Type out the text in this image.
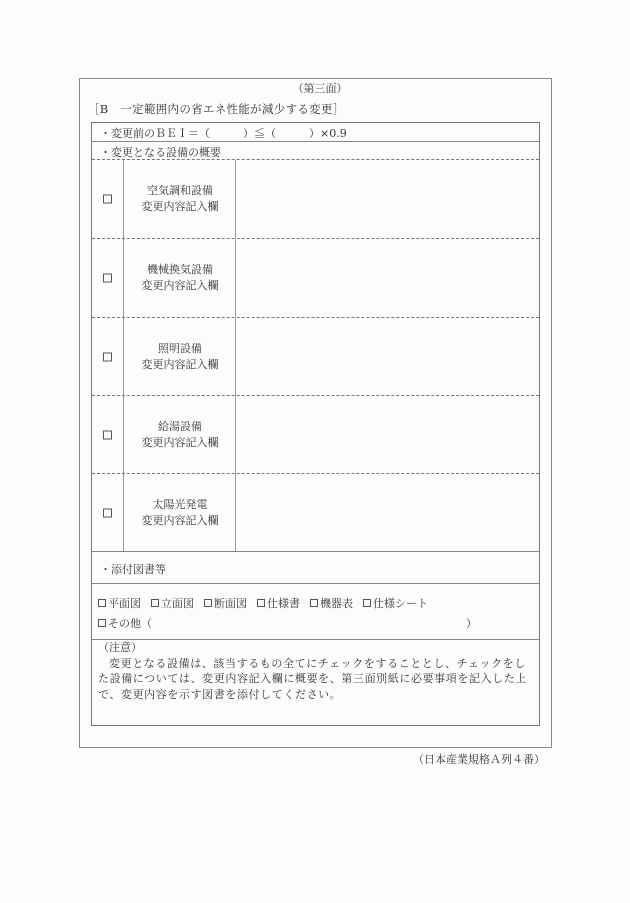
（第三面）
［B　一定範囲内の省エネ性能が減少する変更］
・変更前のＢＥＩ＝（　　　）≦（　　　）×0.9
・変更となる設備の概要
空気調和設備
変更内容記入欄
機械換気設備
変更内容記入欄
照明設備
変更内容記入欄
給湯設備
変更内容記入欄
太陽光発電
変更内容記入欄
・添付図書等
平面図 立面図 断面図 仕様書 機器表 仕様シート
その他（	）

（注意）

変更となる設備は、該当するもの全てにチェックをすることとし、チェックをした設備については、変更内容記入欄に概要を、第三面別紙に必要事項を記入した上で、変更内容を示す図書を添付してください。

（日本産業規格Ａ列４番）
